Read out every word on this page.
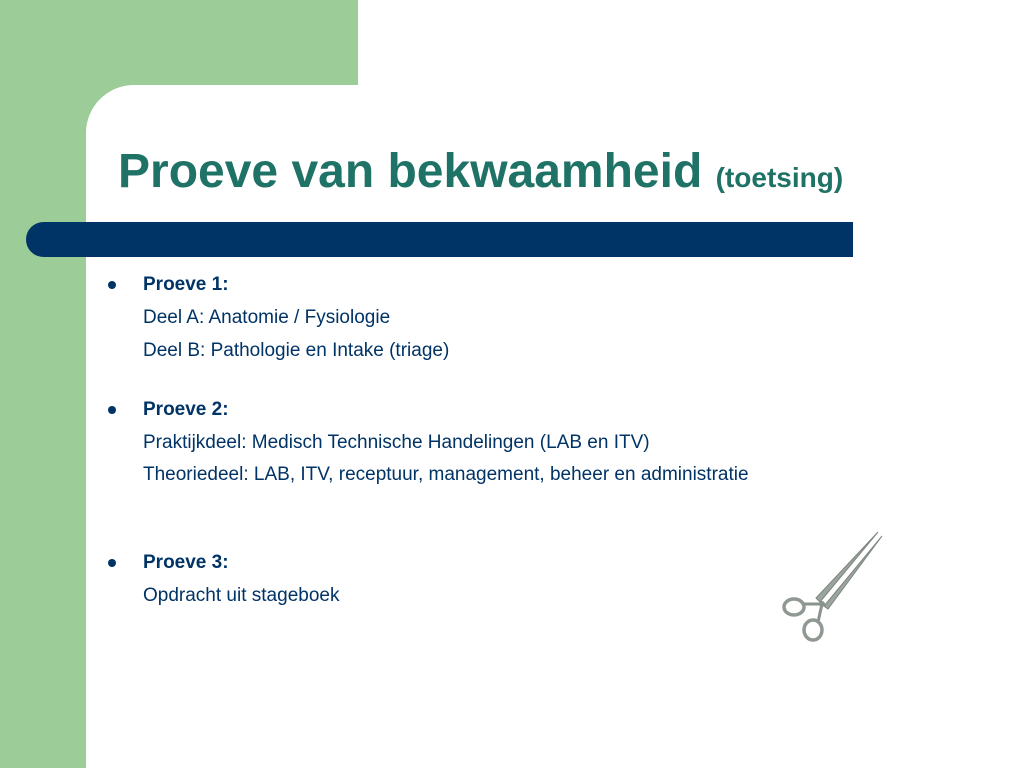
Proeve van bekwaamheid (toetsing)
Proeve 1:
Deel A: Anatomie / Fysiologie
Deel B: Pathologie en Intake (triage)
Proeve 2:
Praktijkdeel: Medisch Technische Handelingen (LAB en ITV)
Theoriedeel: LAB, ITV, receptuur, management, beheer en administratie
Proeve 3:
Opdracht uit stageboek
